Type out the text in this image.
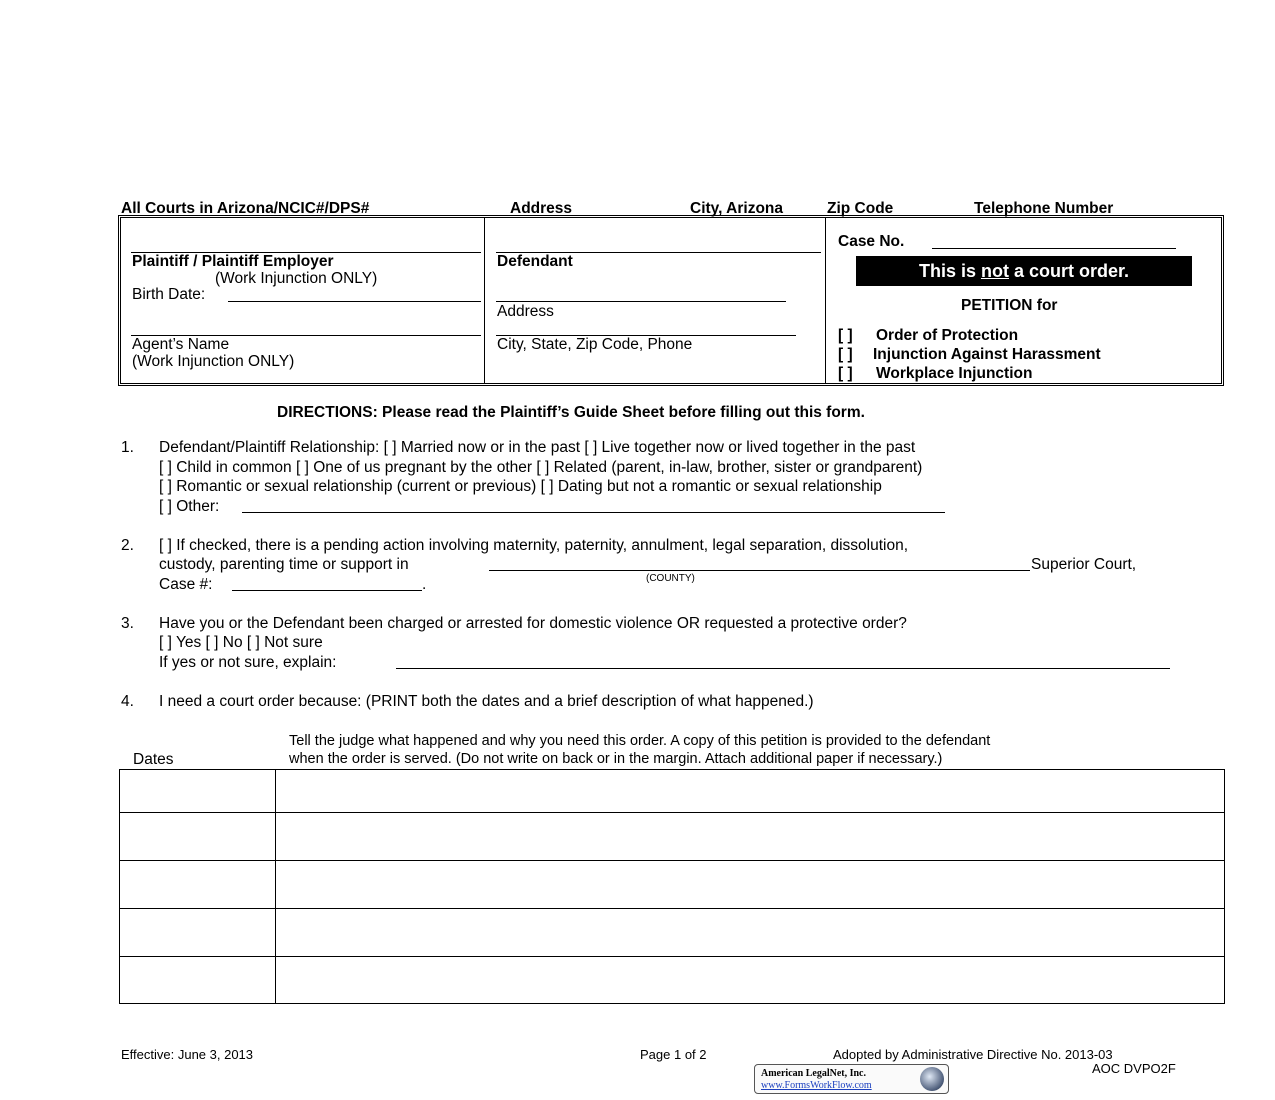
All Courts in Arizona/NCIC#/DPS#	Address	City, Arizona	Zip Code	Telephone Number
Plaintiff / Plaintiff Employer
(Work Injunction ONLY)
Birth Date:
Agent’s Name
(Work Injunction ONLY)
Defendant
Address
City, State, Zip Code, Phone
Case No.
This is not a court order.
PETITION for
[ ] Order of Protection
[ ] Injunction Against Harassment
[ ] Workplace Injunction
DIRECTIONS: Please read the Plaintiff’s Guide Sheet before filling out this form.
1. Defendant/Plaintiff Relationship: [ ] Married now or in the past [ ] Live together now or lived together in the past
[ ] Child in common [ ] One of us pregnant by the other [ ] Related (parent, in-law, brother, sister or grandparent)
[ ] Romantic or sexual relationship (current or previous) [ ] Dating but not a romantic or sexual relationship
[ ] Other:
2. [ ] If checked, there is a pending action involving maternity, paternity, annulment, legal separation, dissolution,
custody, parenting time or support in	Superior Court,
(COUNTY)
Case #:	.
3. Have you or the Defendant been charged or arrested for domestic violence OR requested a protective order?
[ ] Yes [ ] No [ ] Not sure
If yes or not sure, explain:
4. I need a court order because: (PRINT both the dates and a brief description of what happened.)
Dates
Tell the judge what happened and why you need this order. A copy of this petition is provided to the defendant
when the order is served. (Do not write on back or in the margin. Attach additional paper if necessary.)

Effective: June 3, 2013	Page 1 of 2	Adopted by Administrative Directive No. 2013-03
AOC DVPO2F
American LegalNet, Inc.
www.FormsWorkFlow.com
